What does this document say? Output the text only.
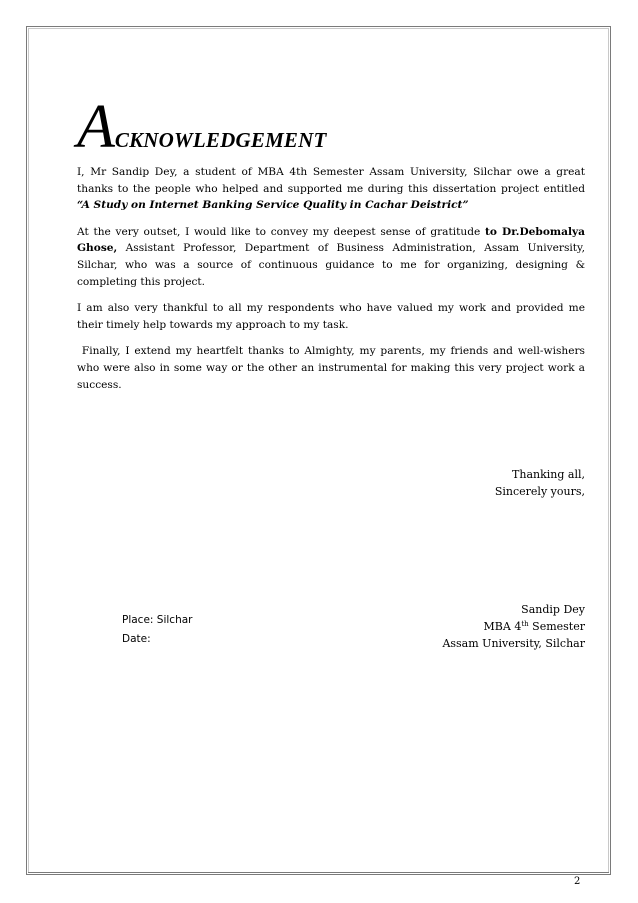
ACKNOWLEDGEMENT

I, Mr Sandip Dey, a student of MBA 4th Semester Assam University, Silchar owe a great thanks to the people who helped and supported me during this dissertation project entitled “A Study on Internet Banking Service Quality in Cachar Deistrict”

At the very outset, I would like to convey my deepest sense of gratitude to Dr.Debomalya Ghose, Assistant Professor, Department of Business Administration, Assam University, Silchar, who was a source of continuous guidance to me for organizing, designing & completing this project.

I am also very thankful to all my respondents who have valued my work and provided me their timely help towards my approach to my task.

Finally, I extend my heartfelt thanks to Almighty, my parents, my friends and well-wishers who were also in some way or the other an instrumental for making this very project work a success.

Thanking all,
Sincerely yours,
Place: Silchar
Date:
Sandip Dey
MBA 4th Semester
Assam University, Silchar
2
